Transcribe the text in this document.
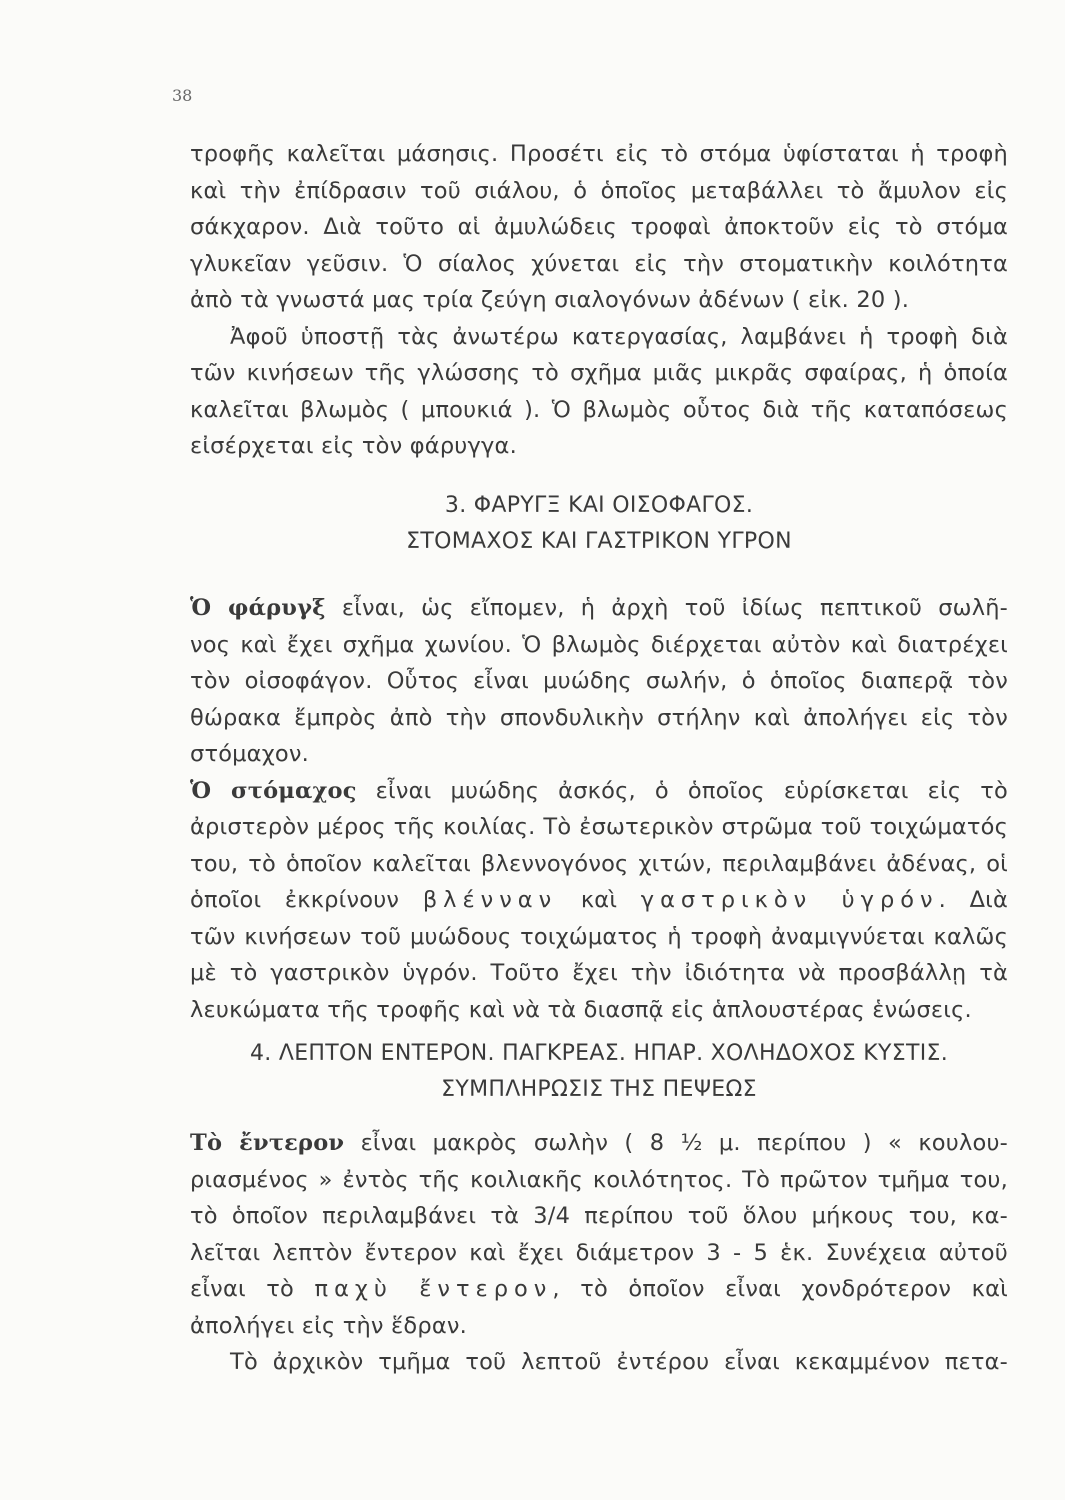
38
τροφῆς καλεῖται μάσησις. Προσέτι εἰς τὸ στόμα ὑφίσταται ἡ τροφὴ
καὶ τὴν ἐπίδρασιν τοῦ σιάλου, ὁ ὁποῖος μεταβάλλει τὸ ἄμυλον εἰς
σάκχαρον. Διὰ τοῦτο αἱ ἀμυλώδεις τροφαὶ ἀποκτοῦν εἰς τὸ στόμα
γλυκεῖαν γεῦσιν. Ὁ σίαλος χύνεται εἰς τὴν στοματικὴν κοιλότητα
ἀπὸ τὰ γνωστά μας τρία ζεύγη σιαλογόνων ἀδένων ( εἰκ. 20 ).
Ἀφοῦ ὑποστῇ τὰς ἀνωτέρω κατεργασίας, λαμβάνει ἡ τροφὴ διὰ
τῶν κινήσεων τῆς γλώσσης τὸ σχῆμα μιᾶς μικρᾶς σφαίρας, ἡ ὁποία
καλεῖται βλωμὸς ( μπουκιά ). Ὁ βλωμὸς οὗτος διὰ τῆς καταπόσεως
εἰσέρχεται εἰς τὸν φάρυγγα.
3. ΦΑΡΥΓΞ ΚΑΙ ΟΙΣΟΦΑΓΟΣ.
ΣΤΟΜΑΧΟΣ ΚΑΙ ΓΑΣΤΡΙΚΟΝ ΥΓΡΟΝ
Ὁ φάρυγξ εἶναι, ὡς εἴπομεν, ἡ ἀρχὴ τοῦ ἰδίως πεπτικοῦ σωλῆ-
νος καὶ ἔχει σχῆμα χωνίου. Ὁ βλωμὸς διέρχεται αὐτὸν καὶ διατρέχει
τὸν οἰσοφάγον. Οὗτος εἶναι μυώδης σωλήν, ὁ ὁποῖος διαπερᾷ τὸν
θώρακα ἔμπρὸς ἀπὸ τὴν σπονδυλικὴν στήλην καὶ ἀπολήγει εἰς τὸν
στόμαχον.
Ὁ στόμαχος εἶναι μυώδης ἀσκός, ὁ ὁποῖος εὑρίσκεται εἰς τὸ
ἀριστερὸν μέρος τῆς κοιλίας. Τὸ ἐσωτερικὸν στρῶμα τοῦ τοιχώματός
του, τὸ ὁποῖον καλεῖται βλεννογόνος χιτών, περιλαμβάνει ἀδένας, οἱ
ὁποῖοι ἐκκρίνουν βλένναν καὶ γαστρικὸν ὑγρόν. Διὰ
τῶν κινήσεων τοῦ μυώδους τοιχώματος ἡ τροφὴ ἀναμιγνύεται καλῶς
μὲ τὸ γαστρικὸν ὑγρόν. Τοῦτο ἔχει τὴν ἰδιότητα νὰ προσβάλλῃ τὰ
λευκώματα τῆς τροφῆς καὶ νὰ τὰ διασπᾷ εἰς ἁπλουστέρας ἑνώσεις.
4. ΛΕΠΤΟΝ ΕΝΤΕΡΟΝ. ΠΑΓΚΡΕΑΣ. ΗΠΑΡ. ΧΟΛΗΔΟΧΟΣ ΚΥΣΤΙΣ.
ΣΥΜΠΛΗΡΩΣΙΣ ΤΗΣ ΠΕΨΕΩΣ
Τὸ ἔντερον εἶναι μακρὸς σωλὴν ( 8 ½ μ. περίπου ) « κουλου-
ριασμένος » ἐντὸς τῆς κοιλιακῆς κοιλότητος. Τὸ πρῶτον τμῆμα του,
τὸ ὁποῖον περιλαμβάνει τὰ 3/4 περίπου τοῦ ὅλου μήκους του, κα-
λεῖται λεπτὸν ἔντερον καὶ ἔχει διάμετρον 3 - 5 ἑκ. Συνέχεια αὐτοῦ
εἶναι τὸ παχὺ ἔντερον, τὸ ὁποῖον εἶναι χονδρότερον καὶ
ἀπολήγει εἰς τὴν ἕδραν.
Τὸ ἀρχικὸν τμῆμα τοῦ λεπτοῦ ἐντέρου εἶναι κεκαμμένον πετα-
